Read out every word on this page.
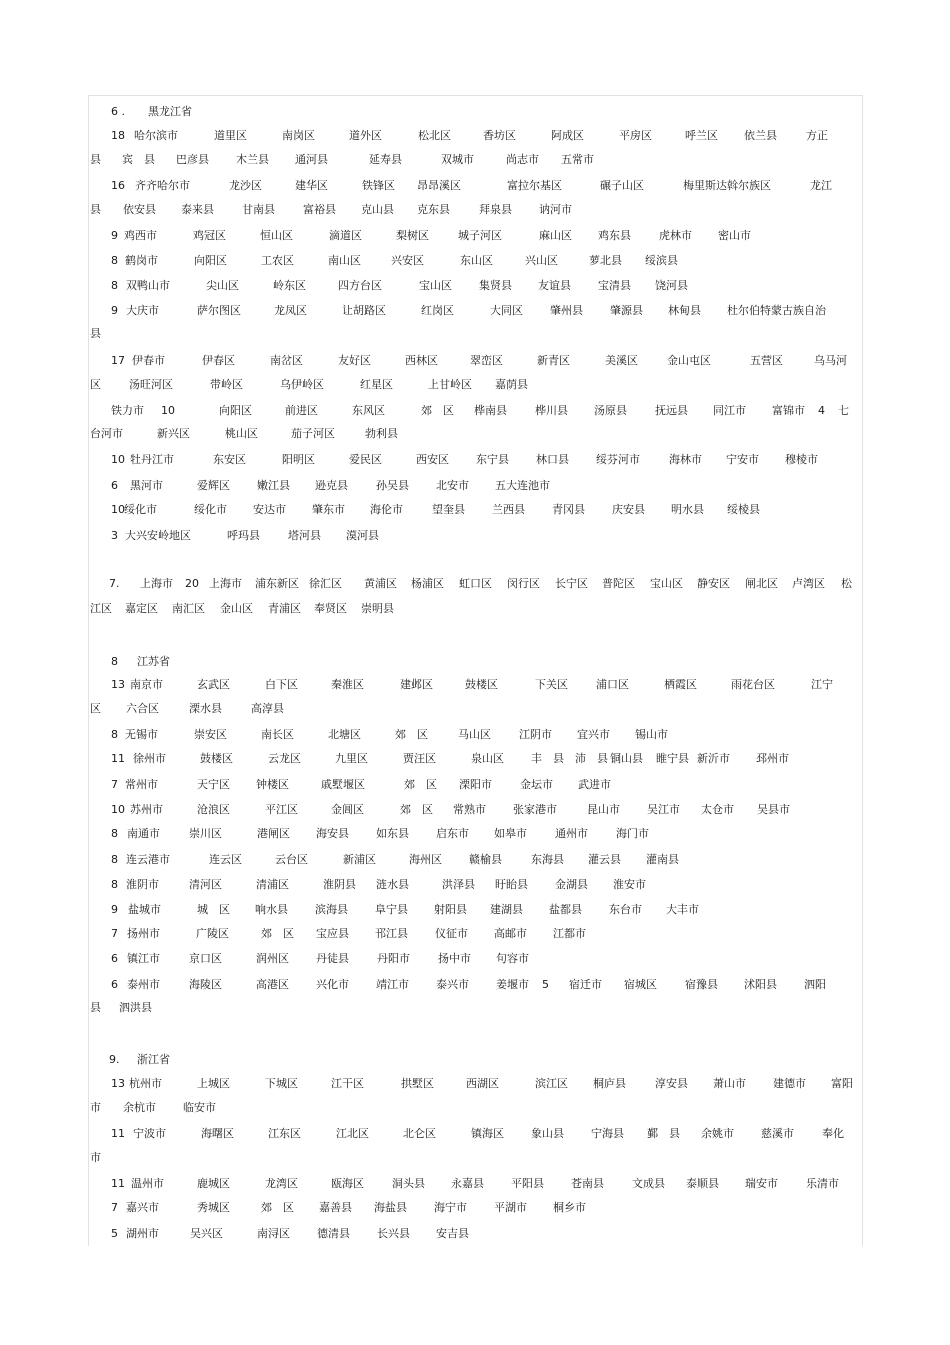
6 . 黑龙江省
18 哈尔滨市	道里区	南岗区	道外区	松北区	香坊区	阿成区	平房区	呼兰区 依兰县	方正
县 宾　县 巴彦县 木兰县 通河县	延寿县	双城市	尚志市 五常市
16 齐齐哈尔市	龙沙区	建华区	铁锋区 昂昂溪区	富拉尔基区	碾子山区	梅里斯达斡尔族区	龙江
县 依安县 泰来县	甘南县	富裕县 克山县 克东县	拜泉县 讷河市
9 鸡西市	鸡冠区	恒山区	滴道区	梨树区	城子河区	麻山区 鸡东县	虎林市 密山市
8 鹤岗市	向阳区	工农区	南山区	兴安区	东山区	兴山区	萝北县 绥滨县
8 双鸭山市	尖山区	岭东区	四方台区	宝山区 集贤县 友谊县 宝清县 饶河县
9 大庆市	萨尔图区	龙凤区	让胡路区	红岗区	大同区 肇州县 肇源县 林甸县 杜尔伯特蒙古族自治
县
17 伊春市	伊春区	南岔区	友好区	西林区	翠峦区	新青区	美溪区	金山屯区	五营区	乌马河
区	汤旺河区	带岭区	乌伊岭区	红星区	上甘岭区 嘉荫县
铁力市 10	向阳区	前进区	东风区	郊　区 桦南县	桦川县 汤原县	抚远县 同江市 富锦市 4 七
台河市	新兴区	桃山区	茄子河区	勃利县
10 牡丹江市	东安区	阳明区	爱民区	西安区 东宁县 林口县 绥芬河市	海林市 宁安市 穆棱市
6 黑河市	爱辉区 嫩江县 逊克县	孙吴县 北安市 五大连池市
10 绥化市	绥化市 安达市 肇东市 海伦市	望奎县 兰西县 青冈县 庆安县 明水县 绥棱县
3 大兴安岭地区	呼玛县	塔河县 漠河县
7. 上海市 20 上海市 浦东新区 徐汇区 黄浦区 杨浦区 虹口区 闵行区 长宁区 普陀区 宝山区 静安区 闸北区 卢湾区 松
江区 嘉定区 南汇区 金山区 青浦区 奉贤区 崇明县
8 江苏省
13 南京市	玄武区	白下区	秦淮区	建邺区	鼓楼区	下关区	浦口区	栖霞区	雨花台区	江宁
区 六合区	溧水县	高淳县
8 无锡市	崇安区	南长区	北塘区	郊　区	马山区	江阴市 宜兴市 锡山市
11 徐州市	鼓楼区	云龙区	九里区	贾汪区	泉山区 丰　县 沛　县 铜山县 睢宁县 新沂市 邳州市
7 常州市	天宁区 钟楼区	戚墅堰区	郊　区 溧阳市	金坛市 武进市
10 苏州市	沧浪区	平江区	金阊区	郊　区 常熟市 张家港市	昆山市 吴江市 太仓市 吴县市
8 南通市	崇川区	港闸区 海安县 如东县 启东市 如皋市	通州市	海门市
8 连云港市	连云区	云台区	新浦区	海州区 赣榆县	东海县 灌云县 灌南县
8 淮阴市	清河区	清浦区	淮阴县 涟水县	洪泽县 盱眙县 金湖县 淮安市
9 盐城市	城　区 响水县 滨海县 阜宁县 射阳县 建湖县 盐都县 东台市 大丰市
7 扬州市	广陵区	郊　区 宝应县 邗江县 仪征市 高邮市 江都市
6 镇江市	京口区	润州区 丹徒县	丹阳市	扬中市 句容市
6 泰州市	海陵区	高港区 兴化市 靖江市 泰兴市 姜堰市 5 宿迁市 宿城区	宿豫县 沭阳县 泗阳
县 泗洪县
9. 浙江省
13 杭州市	上城区	下城区	江干区	拱墅区	西湖区	滨江区 桐庐县	淳安县 萧山市 建德市 富阳
市 余杭市 临安市
11 宁波市	海曙区	江东区	江北区	北仑区	镇海区 象山县 宁海县 鄞　县 余姚市 慈溪市	奉化
市
11 温州市	鹿城区	龙湾区	瓯海区	洞头县 永嘉县 平阳县 苍南县	文成县 泰顺县 瑞安市	乐清市
7 嘉兴市	秀城区	郊　区 嘉善县 海盐县 海宁市 平湖市 桐乡市
5 湖州市	吴兴区	南浔区 德清县 长兴县 安吉县
